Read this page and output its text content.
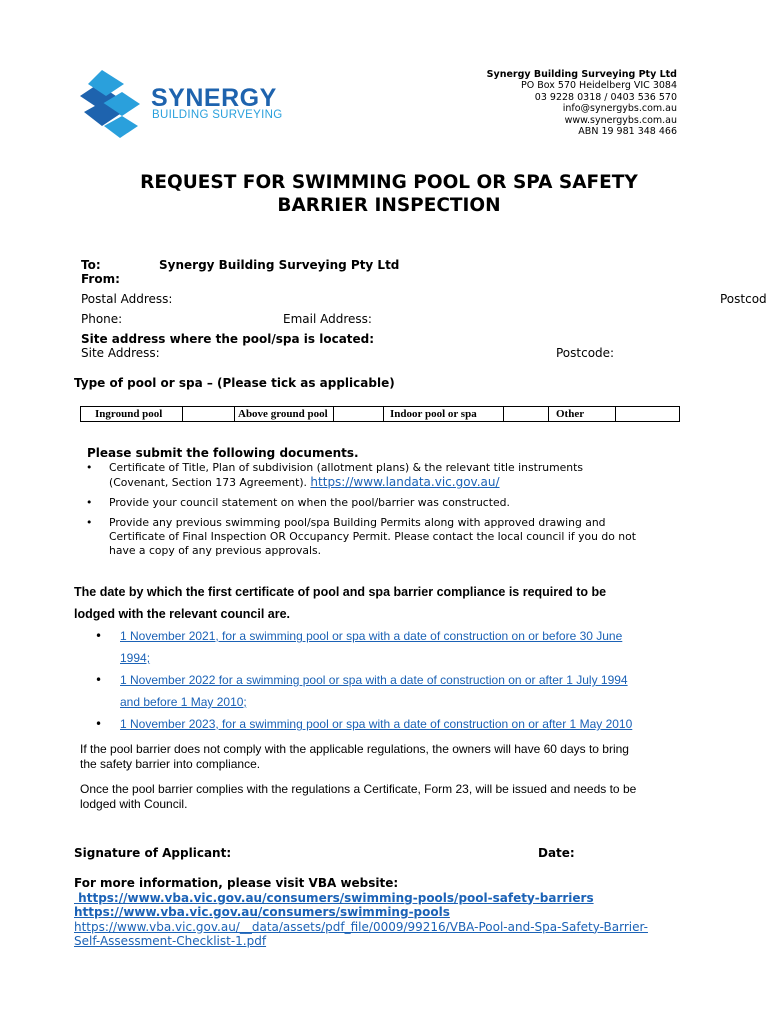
SYNERGY
BUILDING SURVEYING
Synergy Building Surveying Pty Ltd
PO Box 570 Heidelberg VIC 3084
03 9228 0318 / 0403 536 570
info@synergybs.com.au
www.synergybs.com.au
ABN 19 981 348 466
REQUEST FOR SWIMMING POOL OR SPA SAFETY
BARRIER INSPECTION
To:	Synergy Building Surveying Pty Ltd
From:
Postal Address:	Postcod
Phone:	Email Address:
Site address where the pool/spa is located:
Site Address:	Postcode:
Type of pool or spa – (Please tick as applicable)
Inground pool	Above ground pool	Indoor pool or spa	Other
Please submit the following documents.
• Certificate of Title, Plan of subdivision (allotment plans) & the relevant title instruments
(Covenant, Section 173 Agreement). https://www.landata.vic.gov.au/
• Provide your council statement on when the pool/barrier was constructed.
• Provide any previous swimming pool/spa Building Permits along with approved drawing and
Certificate of Final Inspection OR Occupancy Permit. Please contact the local council if you do not
have a copy of any previous approvals.
The date by which the first certificate of pool and spa barrier compliance is required to be
lodged with the relevant council are.
• 1 November 2021, for a swimming pool or spa with a date of construction on or before 30 June
1994;
• 1 November 2022 for a swimming pool or spa with a date of construction on or after 1 July 1994
and before 1 May 2010;
• 1 November 2023, for a swimming pool or spa with a date of construction on or after 1 May 2010
If the pool barrier does not comply with the applicable regulations, the owners will have 60 days to bring
the safety barrier into compliance.
Once the pool barrier complies with the regulations a Certificate, Form 23, will be issued and needs to be
lodged with Council.
Signature of Applicant:	Date:
For more information, please visit VBA website:
https://www.vba.vic.gov.au/consumers/swimming-pools/pool-safety-barriers
https://www.vba.vic.gov.au/consumers/swimming-pools
https://www.vba.vic.gov.au/__data/assets/pdf_file/0009/99216/VBA-Pool-and-Spa-Safety-Barrier-
Self-Assessment-Checklist-1.pdf
